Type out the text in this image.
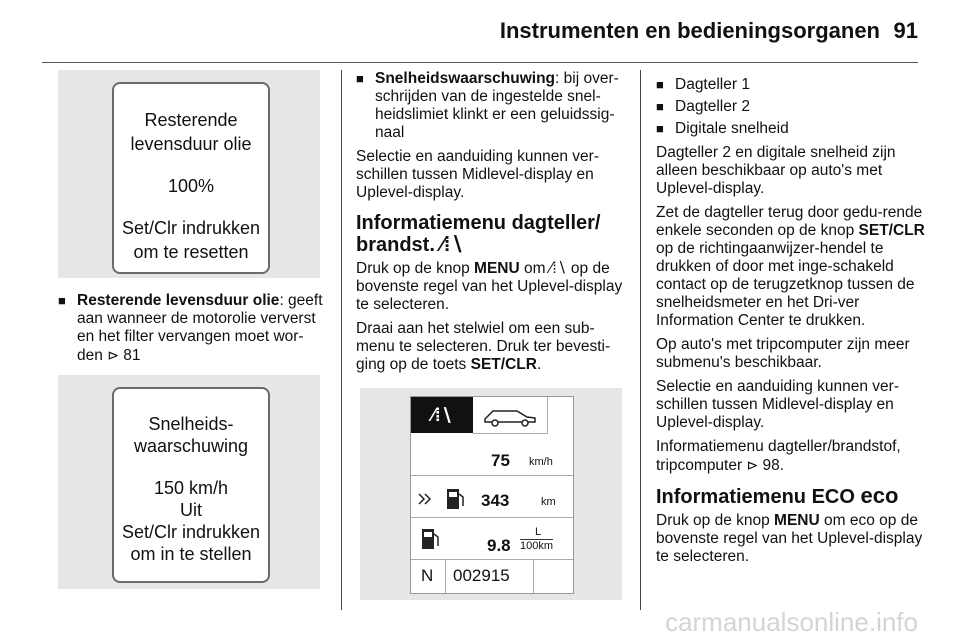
Instrumenten en bedieningsorganen 91
Resterende
levensduur olie
100%
Set/Clr indrukken
om te resetten
■ Resterende levensduur olie: geeft aan wanneer de motorolie ververst en het filter vervangen moet wor-den ⊳ 81
Snelheids-
waarschuwing
150 km/h
Uit
Set/Clr indrukken
om in te stellen
■ Snelheidswaarschuwing: bij over-schrijden van de ingestelde snel-heidslimiet klinkt er een geluidssig-naal

Selectie en aanduiding kunnen ver-schillen tussen Midlevel-display en Uplevel-display.

Informatiemenu dagteller/ brandst. ⁄⁞∖

Druk op de knop MENU om ⁄⁞∖ op de bovenste regel van het Uplevel-display te selecteren.

Draai aan het stelwiel om een sub-menu te selecteren. Druk ter bevesti-ging op de toets SET/CLR.

⁄⁞∖
75 km/h
343	km
9.8
L
100km
N 002915
■ Dagteller 1
■ Dagteller 2
■ Digitale snelheid

Dagteller 2 en digitale snelheid zijn alleen beschikbaar op auto's met Uplevel-display.

Zet de dagteller terug door gedu-rende enkele seconden op de knop SET/CLR op de richtingaanwijzer-hendel te drukken of door met inge-schakeld contact op de terugzetknop tussen de snelheidsmeter en het Dri-ver Information Center te drukken.

Op auto's met tripcomputer zijn meer submenu's beschikbaar.

Selectie en aanduiding kunnen ver-schillen tussen Midlevel-display en Uplevel-display.

Informatiemenu dagteller/brandstof, tripcomputer ⊳ 98.

Informatiemenu ECO eco

Druk op de knop MENU om eco op de bovenste regel van het Uplevel-display te selecteren.

carmanualsonline.info
